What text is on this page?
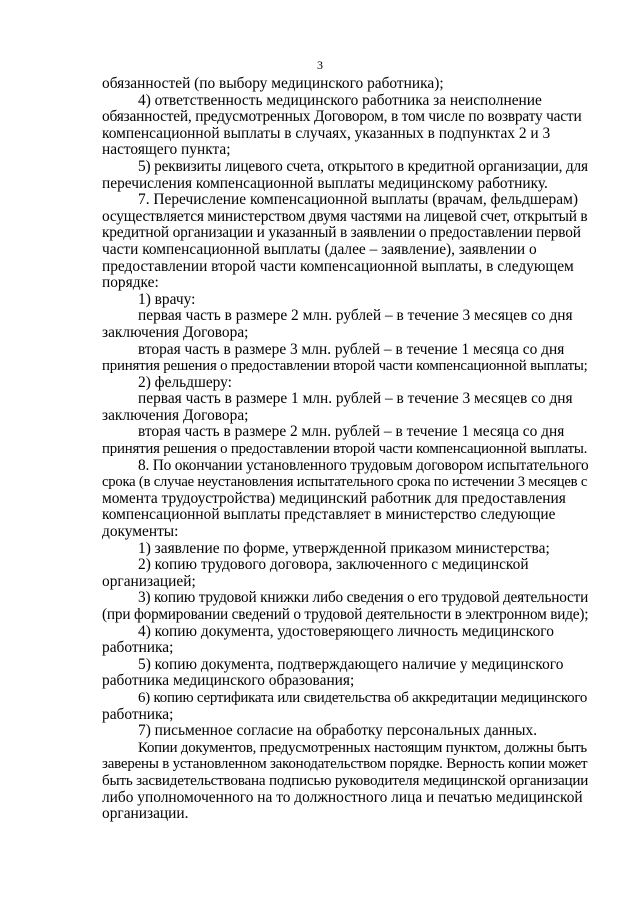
3

обязанностей (по выбору медицинского работника);

4) ответственность медицинского работника за неисполнение

обязанностей, предусмотренных Договором, в том числе по возврату части

компенсационной выплаты в случаях, указанных в подпунктах 2 и 3

настоящего пункта;

5) реквизиты лицевого счета, открытого в кредитной организации, для

перечисления компенсационной выплаты медицинскому работнику.

7. Перечисление компенсационной выплаты (врачам, фельдшерам)

осуществляется министерством двумя частями на лицевой счет, открытый в

кредитной организации и указанный в заявлении о предоставлении первой

части компенсационной выплаты (далее – заявление), заявлении о

предоставлении второй части компенсационной выплаты, в следующем

порядке:

1) врачу:

первая часть в размере 2 млн. рублей – в течение 3 месяцев со дня

заключения Договора;

вторая часть в размере 3 млн. рублей – в течение 1 месяца со дня

принятия решения о предоставлении второй части компенсационной выплаты;

2) фельдшеру:

первая часть в размере 1 млн. рублей – в течение 3 месяцев со дня

заключения Договора;

вторая часть в размере 2 млн. рублей – в течение 1 месяца со дня

принятия решения о предоставлении второй части компенсационной выплаты.

8. По окончании установленного трудовым договором испытательного

срока (в случае неустановления испытательного срока по истечении 3 месяцев с

момента трудоустройства) медицинский работник для предоставления

компенсационной выплаты представляет в министерство следующие

документы:

1) заявление по форме, утвержденной приказом министерства;

2) копию трудового договора, заключенного с медицинской

организацией;

3) копию трудовой книжки либо сведения о его трудовой деятельности

(при формировании сведений о трудовой деятельности в электронном виде);

4) копию документа, удостоверяющего личность медицинского

работника;

5) копию документа, подтверждающего наличие у медицинского

работника медицинского образования;

6) копию сертификата или свидетельства об аккредитации медицинского

работника;

7) письменное согласие на обработку персональных данных.

Копии документов, предусмотренных настоящим пунктом, должны быть

заверены в установленном законодательством порядке. Верность копии может

быть засвидетельствована подписью руководителя медицинской организации

либо уполномоченного на то должностного лица и печатью медицинской

организации.
